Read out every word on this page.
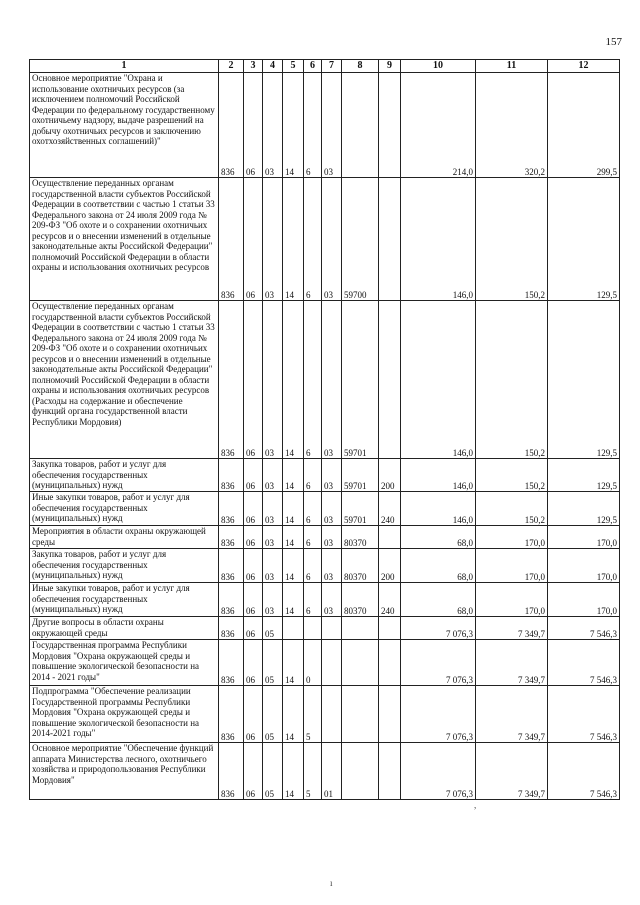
157
1	2	3	4	5	6	7	8	9	10	11	12
Основное мероприятие "Охрана и использование охотничьих ресурсов (за исключением полномочий Российской Федерации по федеральному государственному охотничьему надзору, выдаче разрешений на добычу охотничьих ресурсов и заключению охотхозяйственных соглашений)"	836	06	03	14	6	03			214,0	320,2	299,5
Осуществление переданных органам государственной власти субъектов Российской Федерации в соответствии с частью 1 статьи 33 Федерального закона от 24 июля 2009 года № 209-ФЗ "Об охоте и о сохранении охотничьих ресурсов и о внесении изменений в отдельные законодательные акты Российской Федерации" полномочий Российской Федерации в области охраны и использования охотничьих ресурсов	836	06	03	14	6	03	59700		146,0	150,2	129,5
Осуществление переданных органам государственной власти субъектов Российской Федерации в соответствии с частью 1 статьи 33 Федерального закона от 24 июля 2009 года № 209-ФЗ "Об охоте и о сохранении охотничьих ресурсов и о внесении изменений в отдельные законодательные акты Российской Федерации" полномочий Российской Федерации в области охраны и использования охотничьих ресурсов (Расходы на содержание и обеспечение функций органа государственной власти Республики Мордовия)	836	06	03	14	6	03	59701		146,0	150,2	129,5
Закупка товаров, работ и услуг для обеспечения государственных (муниципальных) нужд	836	06	03	14	6	03	59701	200	146,0	150,2	129,5
Иные закупки товаров, работ и услуг для обеспечения государственных (муниципальных) нужд	836	06	03	14	6	03	59701	240	146,0	150,2	129,5
Мероприятия в области охраны окружающей среды	836	06	03	14	6	03	80370		68,0	170,0	170,0
Закупка товаров, работ и услуг для обеспечения государственных (муниципальных) нужд	836	06	03	14	6	03	80370	200	68,0	170,0	170,0
Иные закупки товаров, работ и услуг для обеспечения государственных (муниципальных) нужд	836	06	03	14	6	03	80370	240	68,0	170,0	170,0
Другие вопросы в области охраны окружающей среды	836	06	05						7 076,3	7 349,7	7 546,3
Государственная программа Республики Мордовия "Охрана окружающей среды и повышение экологической безопасности на 2014 - 2021 годы"	836	06	05	14	0				7 076,3	7 349,7	7 546,3
Подпрограмма "Обеспечение реализации Государственной программы Республики Мордовия "Охрана окружающей среды и повышение экологической безопасности на 2014-2021 годы"	836	06	05	14	5				7 076,3	7 349,7	7 546,3
Основное мероприятие "Обеспечение функций аппарата Министерства лесного, охотничьего хозяйства и природопользования Республики Мордовия"	836	06	05	14	5	01			7 076,3	7 349,7	7 546,3
,
ı
